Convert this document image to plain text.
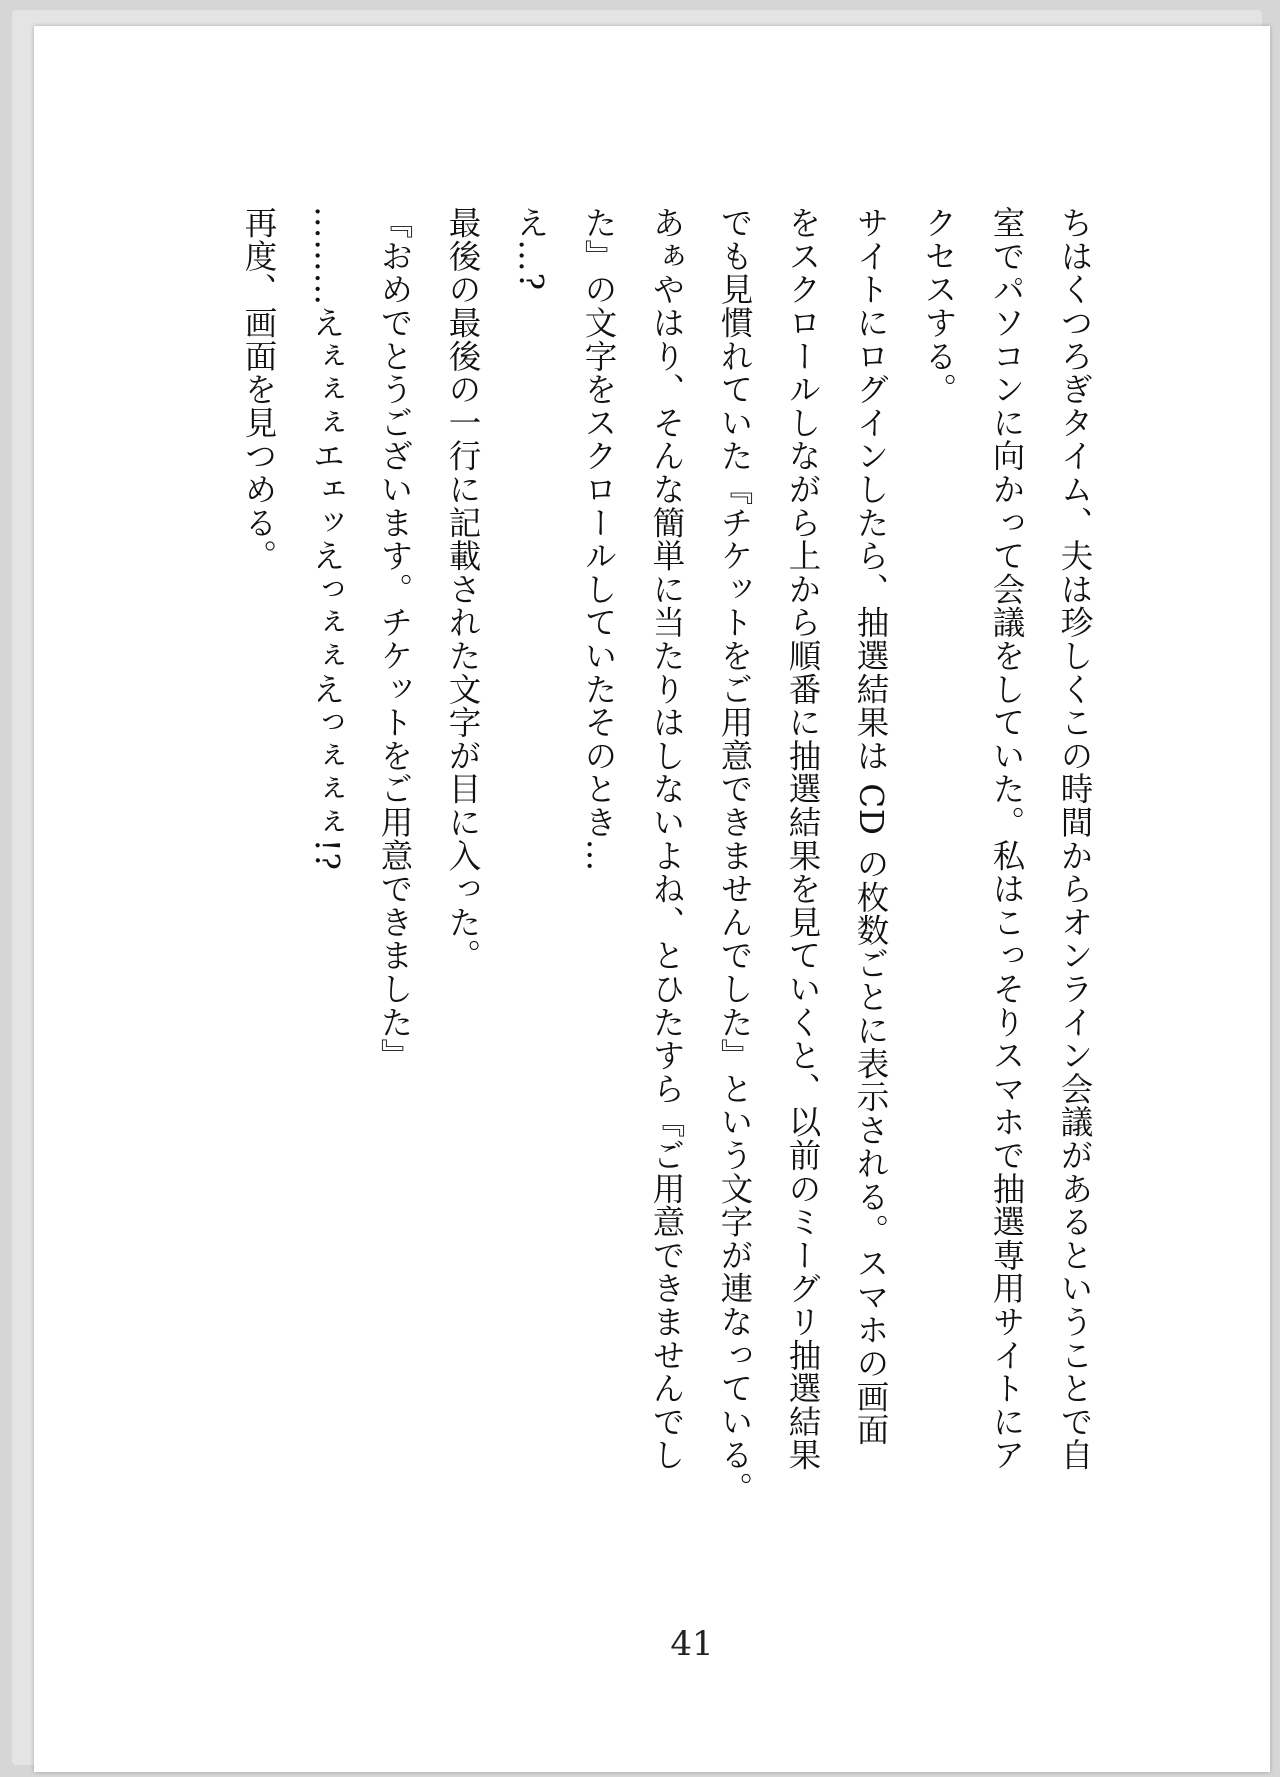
ちはくつろぎタイム、夫は珍しくこの時間からオンライン会議があるということで自
室でパソコンに向かって会議をしていた。私はこっそりスマホで抽選専用サイトにア
クセスする。
サイトにログインしたら、抽選結果は CD の枚数ごとに表示される。スマホの画面
をスクロールしながら上から順番に抽選結果を見ていくと、以前のミーグリ抽選結果
でも見慣れていた『チケットをご用意できませんでした』という文字が連なっている。
あぁやはり、そんな簡単に当たりはしないよね、とひたすら『ご用意できませんでし
た』の文字をスクロールしていたそのとき…
え…?
最後の最後の一行に記載された文字が目に入った。
『おめでとうございます。チケットをご用意できました』
………えぇぇぇエェッえっぇぇえっぇぇぇ!?
再度、画面を見つめる。
41
